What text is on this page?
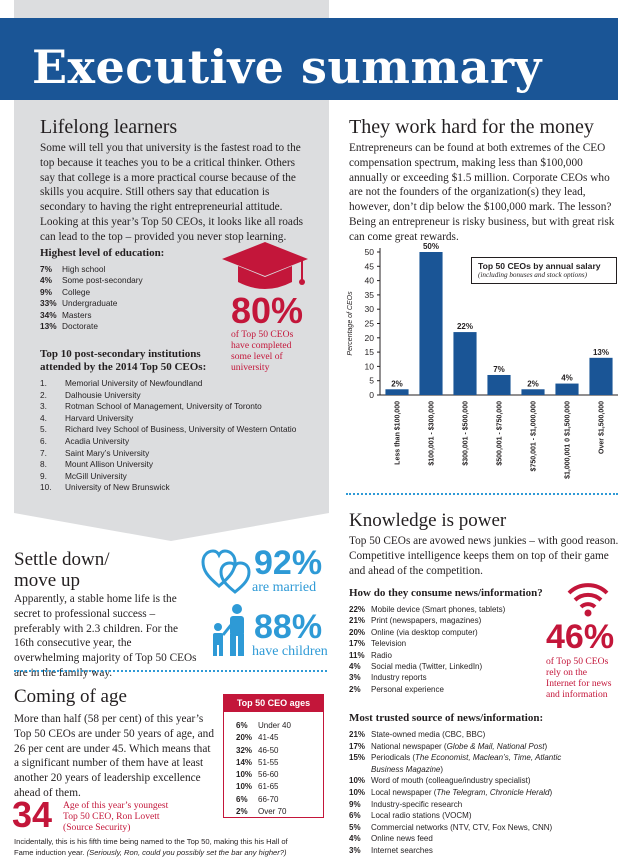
Executive summary
Lifelong learners
Some will tell you that university is the fastest road to the top because it teaches you to be a critical thinker. Others say that college is a more practical course because of the skills you acquire. Still others say that education is secondary to having the right entrepreneurial attitude. Looking at this year’s Top 50 CEOs, it looks like all roads can lead to the top – provided you never stop learning.
Highest level of education:
7% High school
4% Some post-secondary
9% College
33% Undergraduate
34% Masters
13% Doctorate	80%
of Top 50 CEOs
have completed
some level of
university
Top 10 post-secondary institutions
attended by the 2014 Top 50 CEOs:
1. Memorial University of Newfoundland
2. Dalhousie University
3. Rotman School of Management, University of Toronto
4. Harvard University
5. Richard Ivey School of Business, University of Western Ontatio
6. Acadia University
7. Saint Mary’s University
8. Mount Allison University
9. McGill University
10. University of New Brunswick
They work hard for the money
Entrepreneurs can be found at both extremes of the CEO compensation spectrum, making less than $100,000 annually or exceeding $1.5 million. Corporate CEOs who are not the founders of the organization(s) they lead, however, don’t dip below the $100,000 mark. The lesson? Being an entrepreneur is risky business, but with great risk can come great rewards.
0
5
10
15
20
25
30
35
40
45
50
Percentage of CEOs
2%
Less than $100,000
50%
$100,001 - $300,000
22%
$300,001 - $500,000
7%
$500,001 - $750,000
2%
$750,001 - $1,000,000
4%
$1,000,001 0 $1,500,000
13%
Over $1,500,000
Top 50 CEOs by annual salary
(including bonuses and stock options)
Settle down/
move up
Apparently, a stable home life is the secret to professional success – preferably with 2.3 children. For the 16th consecutive year, the overwhelming majority of Top 50 CEOs are in the family way.
92%
are married
88%
have children
Coming of age
More than half (58 per cent) of this year’s Top 50 CEOs are under 50 years of age, and 26 per cent are under 45. Which means that a significant number of them have at least another 20 years of leadership excellence ahead of them.
Top 50 CEO ages
6% Under 40
20% 41-45
32% 46-50
14% 51-55
10% 56-60
10% 61-65
6% 66-70
2% Over 70
34 Age of this year’s youngest
Top 50 CEO, Ron Lovett
(Source Security)
Incidentally, this is his fifth time being named to the Top 50, making this his Hall of
Fame induction year. (Seriously, Ron, could you possibly set the bar any higher?)
Knowledge is power
Top 50 CEOs are avowed news junkies – with good reason. Competitive intelligence keeps them on top of their game and ahead of the competition.
How do they consume news/information?
22% Mobile device (Smart phones, tablets)
21% Print (newspapers, magazines)
20% Online (via desktop computer)
17% Television
11% Radio
4% Social media (Twitter, LinkedIn)
3% Industry reports
2% Personal experience
46%
of Top 50 CEOs
rely on the
Internet for news
and information
Most trusted source of news/information:
21% State-owned media (CBC, BBC)
17% National newspaper (Globe & Mail, National Post)
15% Periodicals (The Economist, Maclean’s, Time, Atlantic
Business Magazine)
10% Word of mouth (colleague/industry specialist)
10% Local newspaper (The Telegram, Chronicle Herald)
9% Industry-specific research
6% Local radio stations (VOCM)
5% Commercial networks (NTV, CTV, Fox News, CNN)
4% Online news feed
3% Internet searches
